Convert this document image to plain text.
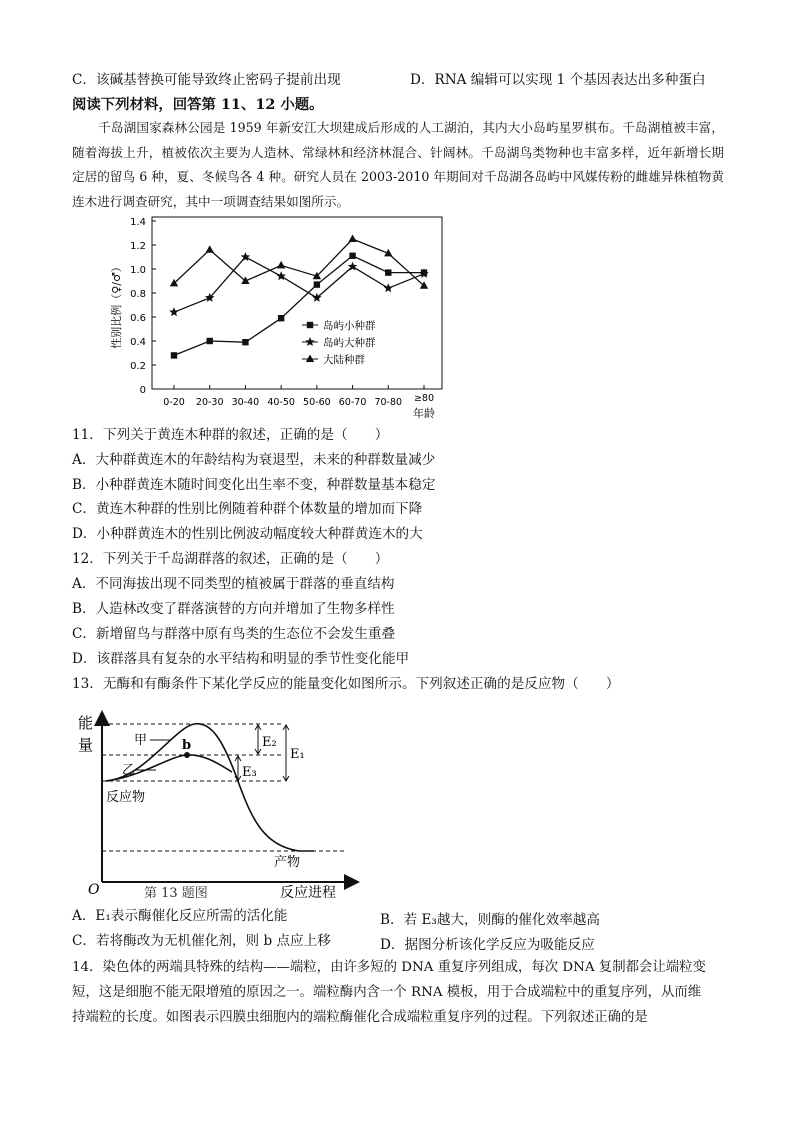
C．该碱基替换可能导致终止密码子提前出现	D．RNA 编辑可以实现 1 个基因表达出多种蛋白
阅读下列材料，回答第 11、12 小题。
千岛湖国家森林公园是 1959 年新安江大坝建成后形成的人工湖泊，其内大小岛屿星罗棋布。千岛湖植被丰富，随着海拔上升，植被依次主要为人造林、常绿林和经济林混合、针阔林。千岛湖鸟类物种也丰富多样，近年新增长期定居的留鸟 6 种，夏、冬候鸟各 4 种。研究人员在 2003-2010 年期间对千岛湖各岛屿中风媒传粉的雌雄异株植物黄连木进行调查研究，其中一项调查结果如图所示。
0
0.2
0.4
0.6
0.8
1.0
1.2
1.4
0-20 20-30 30-40 40-50 50-60 60-70 70-80 ≥80
年龄
性别比例（♀/♂）	岛屿小种群
岛屿大种群
大陆种群
11．下列关于黄连木种群的叙述，正确的是（　　）
A．大种群黄连木的年龄结构为衰退型，未来的种群数量减少
B．小种群黄连木随时间变化出生率不变，种群数量基本稳定
C．黄连木种群的性别比例随着种群个体数量的增加而下降
D．小种群黄连木的性别比例波动幅度较大种群黄连木的大
12．下列关于千岛湖群落的叙述，正确的是（　　）
A．不同海拔出现不同类型的植被属于群落的垂直结构
B．人造林改变了群落演替的方向并增加了生物多样性
C．新增留鸟与群落中原有鸟类的生态位不会发生重叠
D．该群落具有复杂的水平结构和明显的季节性变化能甲
13．无酶和有酶条件下某化学反应的能量变化如图所示。下列叙述正确的是反应物（　　）
能
量
O	反应进程
第 13 题图
b
甲
乙
反应物
产物
E₂
E₃
E₁
A．E₁表示酶催化反应所需的活化能	B．若 E₃越大，则酶的催化效率越高
C．若将酶改为无机催化剂，则 b 点应上移	D．据图分析该化学反应为吸能反应
14．染色体的两端具特殊的结构——端粒，由许多短的 DNA 重复序列组成，每次 DNA 复制都会让端粒变
短，这是细胞不能无限增殖的原因之一。端粒酶内含一个 RNA 模板，用于合成端粒中的重复序列，从而维
持端粒的长度。如图表示四膜虫细胞内的端粒酶催化合成端粒重复序列的过程。下列叙述正确的是
